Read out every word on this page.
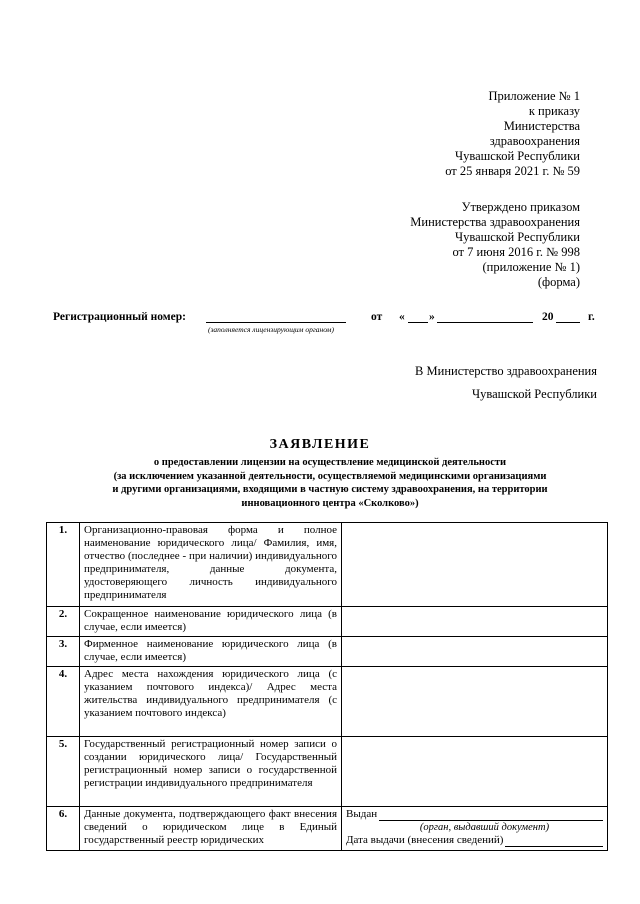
Приложение № 1
к приказу
Министерства
здравоохранения
Чувашской Республики
от 25 января 2021 г. № 59
Утверждено приказом
Министерства здравоохранения
Чувашской Республики
от 7 июня 2016 г. № 998
(приложение № 1)
(форма)
Регистрационный номер:	от « »	20	г.
(заполняется лицензирующим органом)
В Министерство здравоохранения
Чувашской Республики
ЗАЯВЛЕНИЕ
о предоставлении лицензии на осуществление медицинской деятельности
(за исключением указанной деятельности, осуществляемой медицинскими организациями
и другими организациями, входящими в частную систему здравоохранения, на территории
инновационного центра «Сколково»)
1.	Организационно-правовая форма и полное наименование юридического лица/ Фамилия, имя, отчество (последнее - при наличии) индивидуального предпринимателя, данные документа, удостоверяющего личность индивидуального предпринимателя	
2.	Сокращенное наименование юридического лица (в случае, если имеется)	
3.	Фирменное наименование юридического лица (в случае, если имеется)	
4.	Адрес места нахождения юридического лица (с указанием почтового индекса)/ Адрес места жительства индивидуального предпринимателя (с указанием почтового индекса)	
5.	Государственный регистрационный номер записи о создании юридического лица/ Государственный регистрационный номер записи о государственной регистрации индивидуального предпринимателя	
6.	Данные документа, подтверждающего факт внесения сведений о юридическом лице в Единый государственный реестр юридических	Выдан
(орган, выдавший документ)
Дата выдачи (внесения сведений)
